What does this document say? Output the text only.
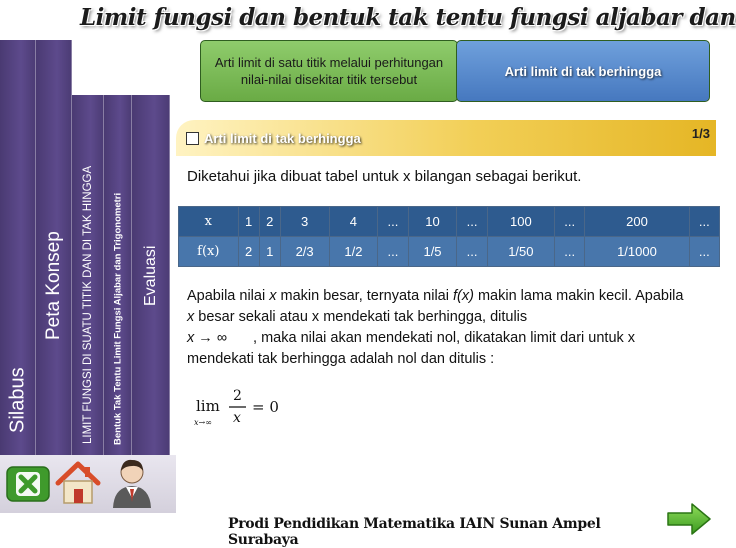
Limit fungsi dan bentuk tak tentu fungsi aljabar dan
Silabus
Peta Konsep LIMIT FUNGSI DI SUATU TITIK DAN DI TAK HINGGA Bentuk Tak Tentu Limit Fungsi Aljabar dan Trigonometri Evaluasi
Arti limit di satu titik melalui perhitungan nilai-nilai disekitar titik tersebut
Arti limit di tak berhingga
Arti limit di tak berhingga	1/3
Diketahui jika dibuat tabel untuk x bilangan sebagai berikut.
x	1	2	3	4	...	10	...	100	...	200	...
f(x)	2	1	2/3	1/2	...	1/5	...	1/50	...	1/1000	...
Apabila nilai x makin besar, ternyata nilai f(x) makin lama makin kecil. Apabila x besar sekali atau x mendekati tak berhingga, ditulis
x → ∞ , maka nilai akan mendekati nol, dikatakan limit dari untuk x mendekati tak berhingga adalah nol dan ditulis :
lim
x→∞
2
x
= 0
Prodi Pendidikan Matematika IAIN Sunan Ampel Surabaya
